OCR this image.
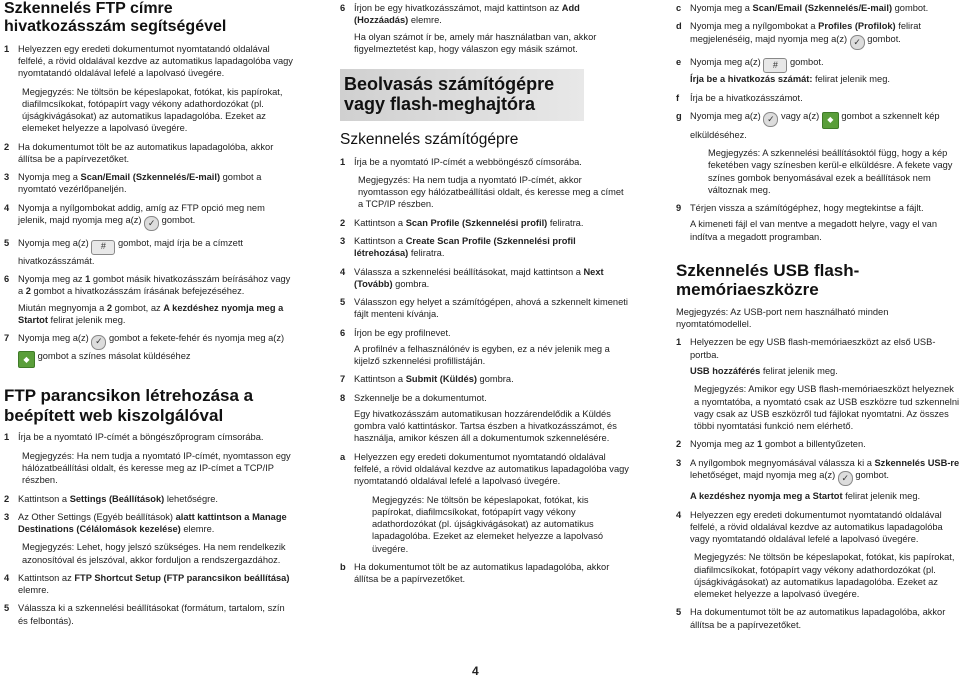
Szkennelés FTP címre hivatkozásszám segítségével
1 Helyezzen egy eredeti dokumentumot nyomtatandó oldalával felfelé, a rövid oldalával kezdve az automatikus lapadagolóba vagy nyomtatandó oldalával lefelé a lapolvasó üvegére.
Megjegyzés: Ne töltsön be képeslapokat, fotókat, kis papírokat, diafilmcsíkokat, fotópapírt vagy vékony adathordozókat (pl. újságkivágásokat) az automatikus lapadagolóba. Ezeket az elemeket helyezze a lapolvasó üvegére.
2 Ha dokumentumot tölt be az automatikus lapadagolóba, akkor állítsa be a papírvezetőket.
3 Nyomja meg a Scan/Email (Szkennelés/E-mail) gombot a nyomtató vezérlőpaneljén.
4 Nyomja a nyílgombokat addig, amíg az FTP opció meg nem jelenik, majd nyomja meg a(z) ✓ gombot.
5 Nyomja meg a(z) # gombot, majd írja be a címzett hivatkozásszámát.
6 Nyomja meg az 1 gombot másik hivatkozásszám beírásához vagy a 2 gombot a hivatkozásszám írásának befejezéséhez.
Miután megnyomja a 2 gombot, az A kezdéshez nyomja meg a Startot felirat jelenik meg.
7 Nyomja meg a(z) ✓ gombot a fekete-fehér és nyomja meg a(z)
◆ gombot a színes másolat küldéséhez
FTP parancsikon létrehozása a beépített web kiszolgálóval
1 Írja be a nyomtató IP-címét a böngészőprogram címsorába.
Megjegyzés: Ha nem tudja a nyomtató IP-címét, nyomtasson egy hálózatbeállítási oldalt, és keresse meg az IP-címet a TCP/IP részben.
2 Kattintson a Settings (Beállítások) lehetőségre.
3 Az Other Settings (Egyéb beállítások) alatt kattintson a Manage Destinations (Célálomások kezelése) elemre.
Megjegyzés: Lehet, hogy jelszó szükséges. Ha nem rendelkezik azonosítóval és jelszóval, akkor forduljon a rendszergazdához.
4 Kattintson az FTP Shortcut Setup (FTP parancsikon beállítása) elemre.
5 Válassza ki a szkennelési beállításokat (formátum, tartalom, szín és felbontás).
6 Írjon be egy hivatkozásszámot, majd kattintson az Add (Hozzáadás) elemre.
Ha olyan számot ír be, amely már használatban van, akkor figyelmeztetést kap, hogy válaszon egy másik számot.
Beolvasás számítógépre vagy flash-meghajtóra
Szkennelés számítógépre
1 Írja be a nyomtató IP-címét a webböngésző címsorába.
Megjegyzés: Ha nem tudja a nyomtató IP-címét, akkor nyomtasson egy hálózatbeállítási oldalt, és keresse meg a címet a TCP/IP részben.
2 Kattintson a Scan Profile (Szkennelési profil) feliratra.
3 Kattintson a Create Scan Profile (Szkennelési profil létrehozása) feliratra.
4 Válassza a szkennelési beállításokat, majd kattintson a Next (Tovább) gombra.
5 Válasszon egy helyet a számítógépen, ahová a szkennelt kimeneti fájlt menteni kívánja.
6 Írjon be egy profilnevet.
A profilnév a felhasználónév is egyben, ez a név jelenik meg a kijelző szkennelési profillistáján.
7 Kattintson a Submit (Küldés) gombra.
8 Szkennelje be a dokumentumot.
Egy hivatkozásszám automatikusan hozzárendelődik a Küldés gombra való kattintáskor. Tartsa észben a hivatkozásszámot, és használja, amikor készen áll a dokumentumok szkennelésére.
a Helyezzen egy eredeti dokumentumot nyomtatandó oldalával felfelé, a rövid oldalával kezdve az automatikus lapadagolóba vagy nyomtatandó oldalával lefelé a lapolvasó üvegére.
Megjegyzés: Ne töltsön be képeslapokat, fotókat, kis papírokat, diafilmcsíkokat, fotópapírt vagy vékony adathordozókat (pl. újságkivágásokat) az automatikus lapadagolóba. Ezeket az elemeket helyezze a lapolvasó üvegére.
b Ha dokumentumot tölt be az automatikus lapadagolóba, akkor állítsa be a papírvezetőket.
c Nyomja meg a Scan/Email (Szkennelés/E-mail) gombot.
d Nyomja meg a nyílgombokat a Profiles (Profilok) felirat megjelenéséig, majd nyomja meg a(z) ✓ gombot.
e Nyomja meg a(z) # gombot.
Írja be a hivatkozás számát: felirat jelenik meg.
f	Írja be a hivatkozásszámot.
g Nyomja meg a(z) ✓ vagy a(z) ◆ gombot a szkennelt kép elküldéséhez.
Megjegyzés: A szkennelési beállításoktól függ, hogy a kép feketében vagy színesben kerül-e elküldésre. A fekete vagy színes gombok benyomásával ezek a beállítások nem változnak meg.
9 Térjen vissza a számítógéphez, hogy megtekintse a fájlt.
A kimeneti fájl el van mentve a megadott helyre, vagy el van indítva a megadott programban.
Szkennelés USB flash-memóriaeszközre
Megjegyzés: Az USB-port nem használható minden nyomtatómodellel.
1 Helyezzen be egy USB flash-memóriaeszközt az első USB-portba.
USB hozzáférés felirat jelenik meg.
Megjegyzés: Amikor egy USB flash-memóriaeszközt helyeznek a nyomtatóba, a nyomtató csak az USB eszközre tud szkennelni vagy csak az USB eszközről tud fájlokat nyomtatni. Az összes többi nyomtatási funkció nem elérhető.
2 Nyomja meg az 1 gombot a billentyűzeten.
3 A nyílgombok megnyomásával válassza ki a Szkennelés USB-re lehetőséget, majd nyomja meg a(z) ✓ gombot.
A kezdéshez nyomja meg a Startot felirat jelenik meg.
4 Helyezzen egy eredeti dokumentumot nyomtatandó oldalával felfelé, a rövid oldalával kezdve az automatikus lapadagolóba vagy nyomtatandó oldalával lefelé a lapolvasó üvegére.
Megjegyzés: Ne töltsön be képeslapokat, fotókat, kis papírokat, diafilmcsíkokat, fotópapírt vagy vékony adathordozókat (pl. újságkivágásokat) az automatikus lapadagolóba. Ezeket az elemeket helyezze a lapolvasó üvegére.
5 Ha dokumentumot tölt be az automatikus lapadagolóba, akkor állítsa be a papírvezetőket.
4
